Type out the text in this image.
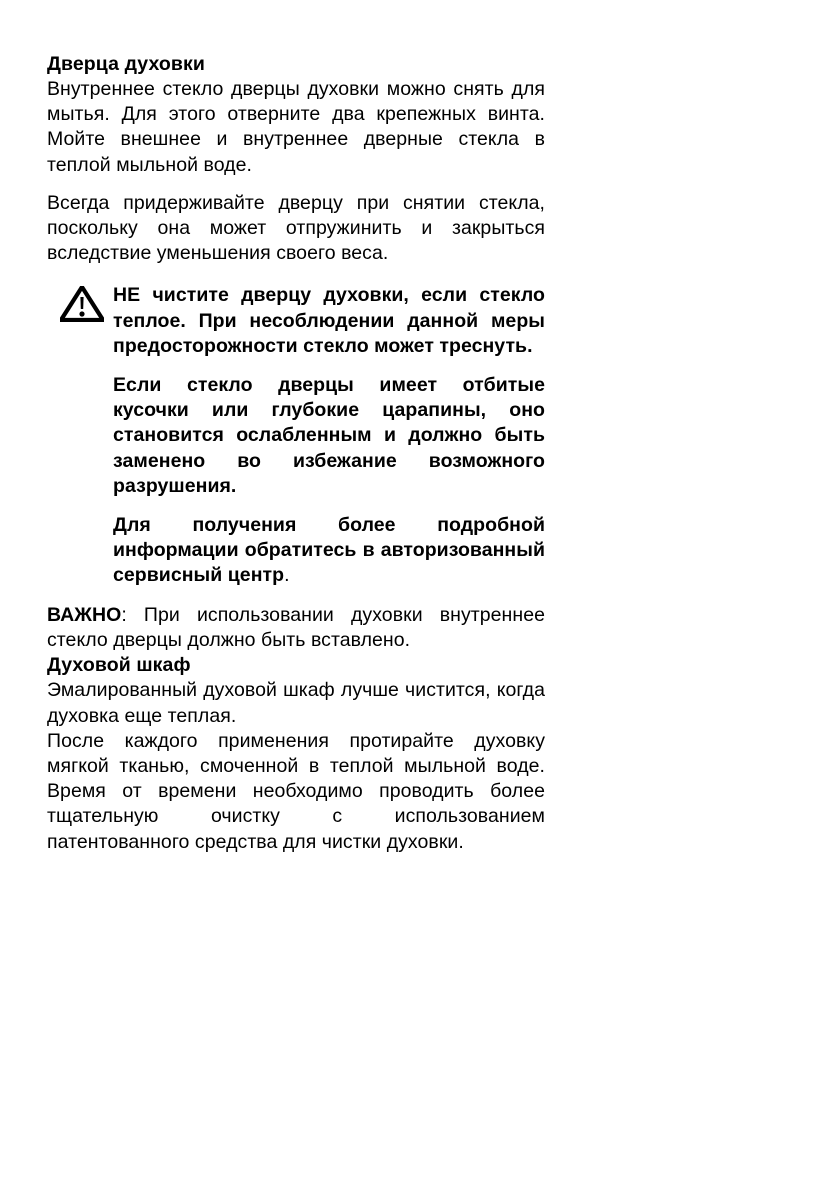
Дверца духовки

Внутреннее стекло дверцы духовки можно снять для мытья. Для этого отверните два крепежных винта. Мойте внешнее и внутреннее дверные стекла в теплой мыльной воде.

Всегда придерживайте дверцу при снятии стекла, поскольку она может отпружинить и закрыться вследствие уменьшения своего веса.

НЕ чистите дверцу духовки, если стекло теплое. При несоблюдении данной меры предосторожности стекло может треснуть.

Если стекло дверцы имеет отбитые кусочки или глубокие царапины, оно становится ослабленным и должно быть заменено во избежание возможного разрушения.

Для получения более подробной информации обратитесь в авторизованный сервисный центр.

ВАЖНО: При использовании духовки внутреннее стекло дверцы должно быть вставлено.

Духовой шкаф

Эмалированный духовой шкаф лучше чистится, когда духовка еще теплая.

После каждого применения протирайте духовку мягкой тканью, смоченной в теплой мыльной воде. Время от времени необходимо проводить более тщательную очистку с использованием патентованного средства для чистки духовки.
